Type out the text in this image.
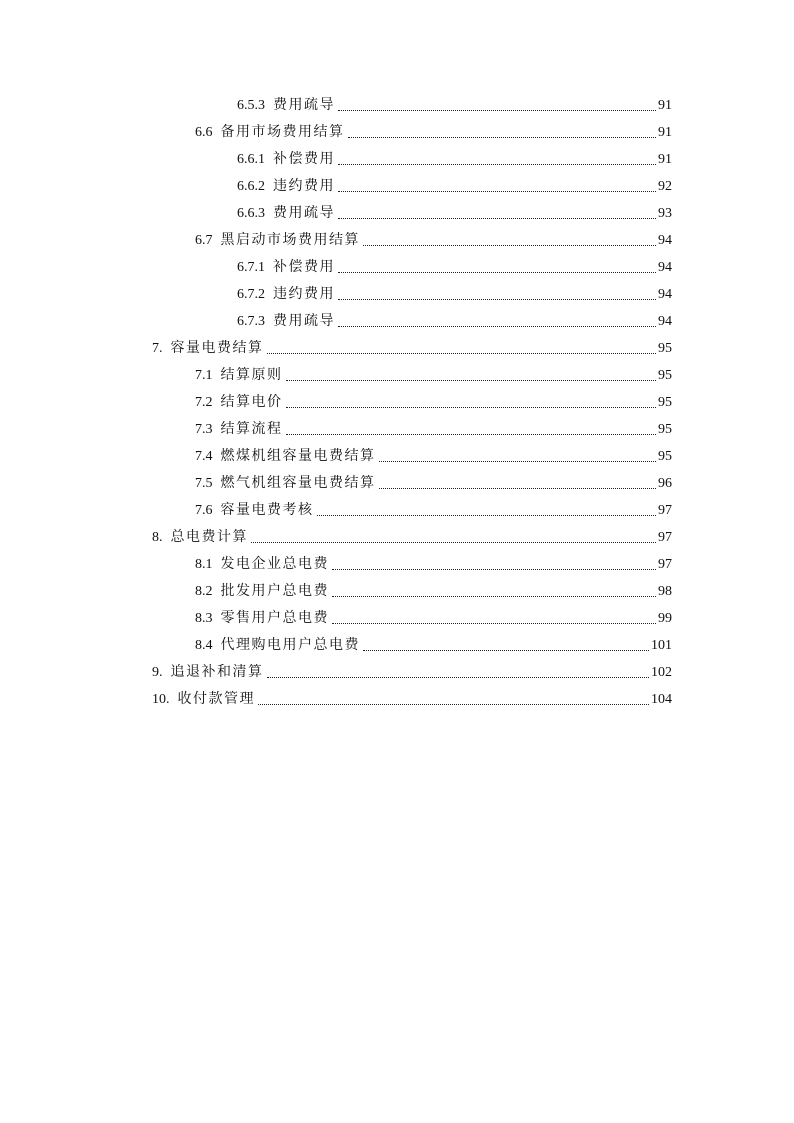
6.5.3 费用疏导	91
6.6 备用市场费用结算	91
6.6.1 补偿费用	91
6.6.2 违约费用	92
6.6.3 费用疏导	93
6.7 黑启动市场费用结算	94
6.7.1 补偿费用	94
6.7.2 违约费用	94
6.7.3 费用疏导	94
7. 容量电费结算	95
7.1 结算原则	95
7.2 结算电价	95
7.3 结算流程	95
7.4 燃煤机组容量电费结算	95
7.5 燃气机组容量电费结算	96
7.6 容量电费考核	97
8. 总电费计算	97
8.1 发电企业总电费	97
8.2 批发用户总电费	98
8.3 零售用户总电费	99
8.4 代理购电用户总电费	101
9. 追退补和清算	102
10. 收付款管理	104
